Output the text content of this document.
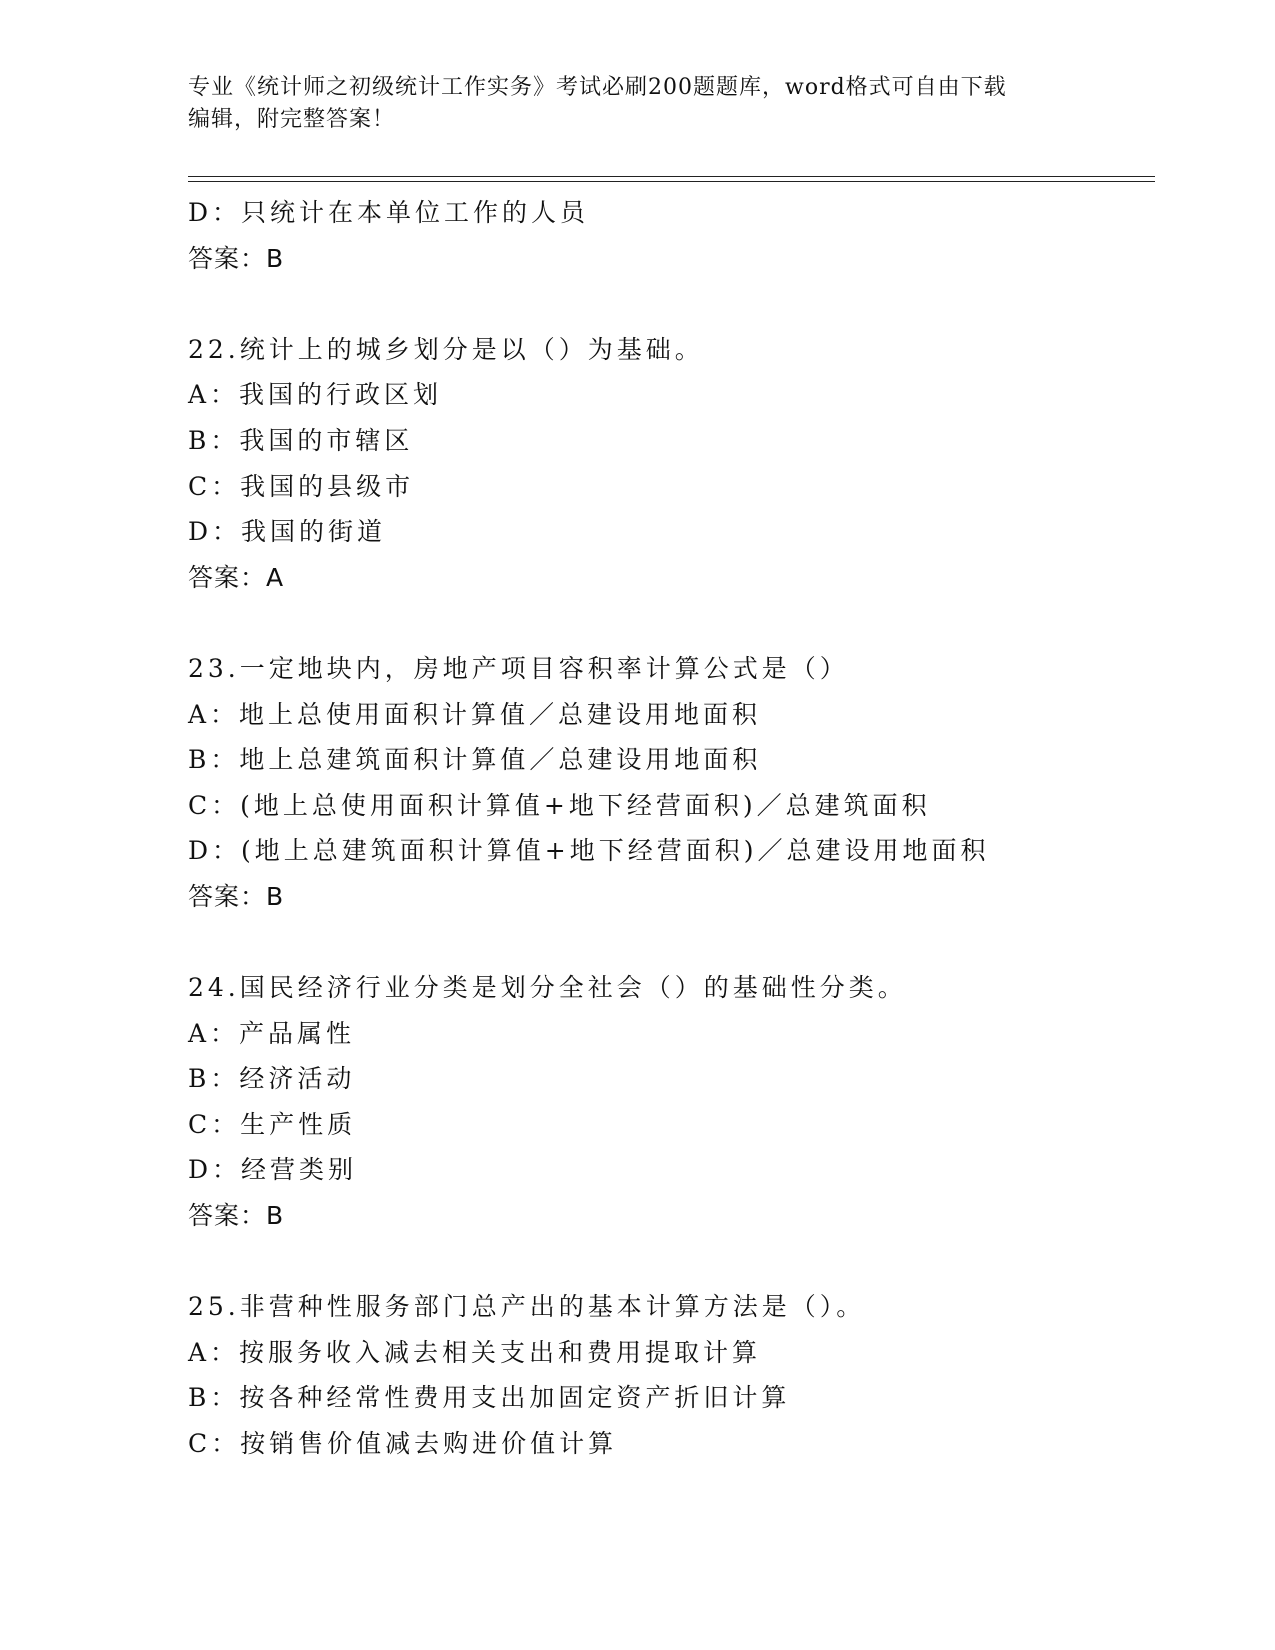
专业《统计师之初级统计工作实务》考试必刷200题题库，word格式可自由下载
编辑，附完整答案！
D：只统计在本单位工作的人员
答案：B
22.统计上的城乡划分是以（）为基础。
A：我国的行政区划
B：我国的市辖区
C：我国的县级市
D：我国的街道
答案：A
23.一定地块内，房地产项目容积率计算公式是（）
A：地上总使用面积计算值／总建设用地面积
B：地上总建筑面积计算值／总建设用地面积
C：(地上总使用面积计算值+地下经营面积)／总建筑面积
D：(地上总建筑面积计算值+地下经营面积)／总建设用地面积
答案：B
24.国民经济行业分类是划分全社会（）的基础性分类。
A：产品属性
B：经济活动
C：生产性质
D：经营类别
答案：B
25.非营种性服务部门总产出的基本计算方法是（）。
A：按服务收入减去相关支出和费用提取计算
B：按各种经常性费用支出加固定资产折旧计算
C：按销售价值减去购进价值计算
